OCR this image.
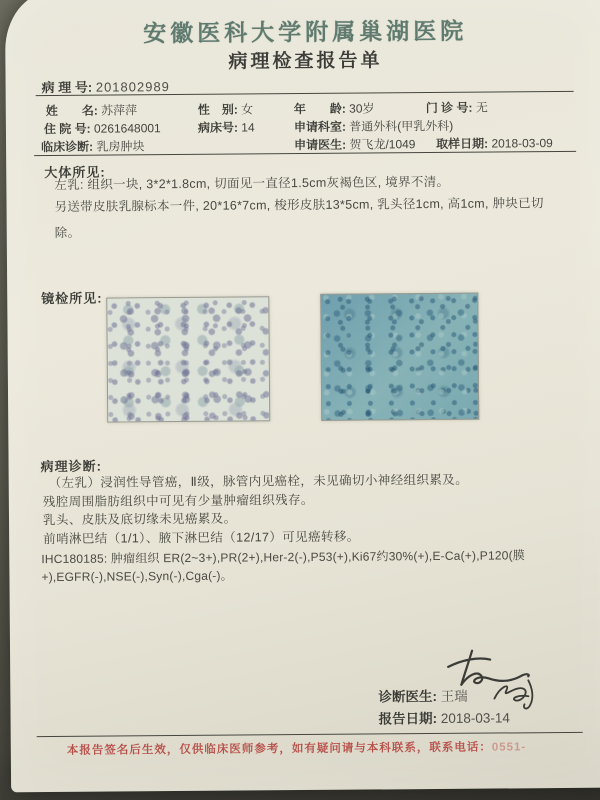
安徽医科大学附属巢湖医院
病理检查报告单
病 理 号: 201802989
姓　　名: 苏萍萍	性　别: 女	年　　龄: 30岁	门 诊 号: 无
住 院 号: 0261648001	病床号: 14	申请科室: 普通外科(甲乳外科)
临床诊断: 乳房肿块	申请医生: 贺飞龙/1049 取样日期: 2018-03-09
大体所见:
左乳: 组织一块, 3*2*1.8cm, 切面见一直径1.5cm灰褐色区, 境界不清。
另送带皮肤乳腺标本一件, 20*16*7cm, 梭形皮肤13*5cm, 乳头径1cm, 高1cm, 肿块已切除。
镜检所见:
病理诊断:
（左乳）浸润性导管癌，Ⅱ级，脉管内见癌栓，未见确切小神经组织累及。
残腔周围脂肪组织中可见有少量肿瘤组织残存。
乳头、皮肤及底切缘未见癌累及。
前哨淋巴结（1/1）、腋下淋巴结（12/17）可见癌转移。
IHC180185: 肿瘤组织 ER(2~3+),PR(2+),Her-2(-),P53(+),Ki67约30%(+),E-Ca(+),P120(膜+),EGFR(-),NSE(-),Syn(-),Cga(-)。
诊断医生: 王瑞
报告日期: 2018-03-14
本报告签名后生效，仅供临床医师参考，如有疑问请与本科联系，联系电话：0551-
